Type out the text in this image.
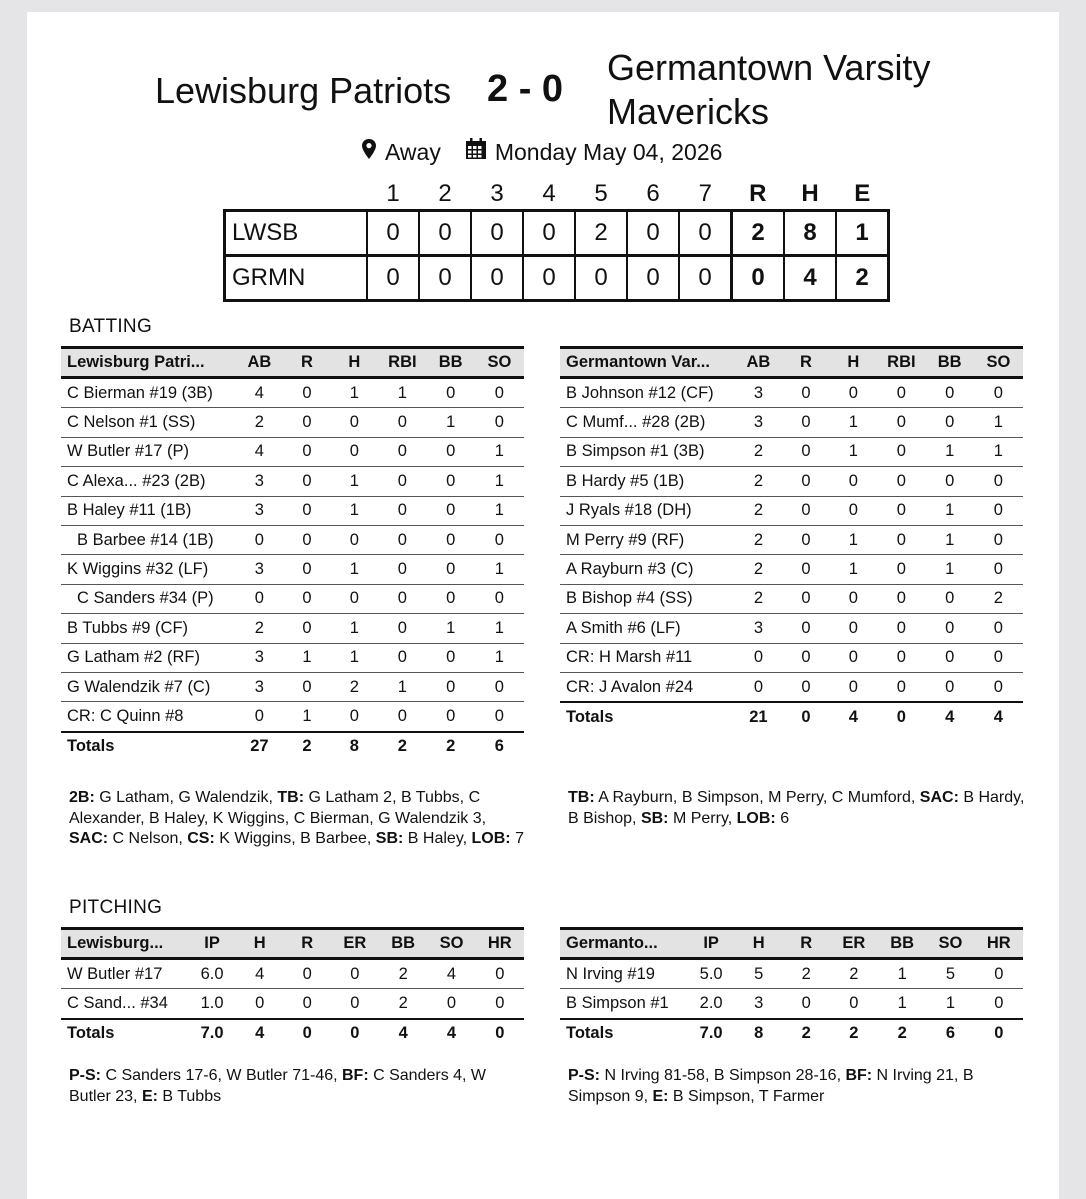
Lewisburg Patriots 2 - 0
Germantown Varsity Mavericks
Away Monday May 04, 2026
	1	2	3	4	5	6	7	R	H	E
LWSB	0	0	0	0	2	0	0	2	8	1
GRMN	0	0	0	0	0	0	0	0	4	2
BATTING
Lewisburg Patri...	AB	R	H	RBI	BB	SO
C Bierman #19 (3B)	4	0	1	1	0	0
C Nelson #1 (SS)	2	0	0	0	1	0
W Butler #17 (P)	4	0	0	0	0	1
C Alexa... #23 (2B)	3	0	1	0	0	1
B Haley #11 (1B)	3	0	1	0	0	1
B Barbee #14 (1B)	0	0	0	0	0	0
K Wiggins #32 (LF)	3	0	1	0	0	1
C Sanders #34 (P)	0	0	0	0	0	0
B Tubbs #9 (CF)	2	0	1	0	1	1
G Latham #2 (RF)	3	1	1	0	0	1
G Walendzik #7 (C)	3	0	2	1	0	0
CR: C Quinn #8	0	1	0	0	0	0
Totals	27	2	8	2	2	6
Germantown Var...	AB	R	H	RBI	BB	SO
B Johnson #12 (CF)	3	0	0	0	0	0
C Mumf... #28 (2B)	3	0	1	0	0	1
B Simpson #1 (3B)	2	0	1	0	1	1
B Hardy #5 (1B)	2	0	0	0	0	0
J Ryals #18 (DH)	2	0	0	0	1	0
M Perry #9 (RF)	2	0	1	0	1	0
A Rayburn #3 (C)	2	0	1	0	1	0
B Bishop #4 (SS)	2	0	0	0	0	2
A Smith #6 (LF)	3	0	0	0	0	0
CR: H Marsh #11	0	0	0	0	0	0
CR: J Avalon #24	0	0	0	0	0	0
Totals	21	0	4	0	4	4
2B: G Latham, G Walendzik, TB: G Latham 2, B Tubbs, C Alexander, B Haley, K Wiggins, C Bierman, G Walendzik 3, SAC: C Nelson, CS: K Wiggins, B Barbee, SB: B Haley, LOB: 7
TB: A Rayburn, B Simpson, M Perry, C Mumford, SAC: B Hardy, B Bishop, SB: M Perry, LOB: 6
PITCHING
Lewisburg...	IP	H	R	ER	BB	SO	HR
W Butler #17	6.0	4	0	0	2	4	0
C Sand... #34	1.0	0	0	0	2	0	0
Totals	7.0	4	0	0	4	4	0
Germanto...	IP	H	R	ER	BB	SO	HR
N Irving #19	5.0	5	2	2	1	5	0
B Simpson #1	2.0	3	0	0	1	1	0
Totals	7.0	8	2	2	2	6	0
P-S: C Sanders 17-6, W Butler 71-46, BF: C Sanders 4, W Butler 23, E: B Tubbs
P-S: N Irving 81-58, B Simpson 28-16, BF: N Irving 21, B Simpson 9, E: B Simpson, T Farmer
